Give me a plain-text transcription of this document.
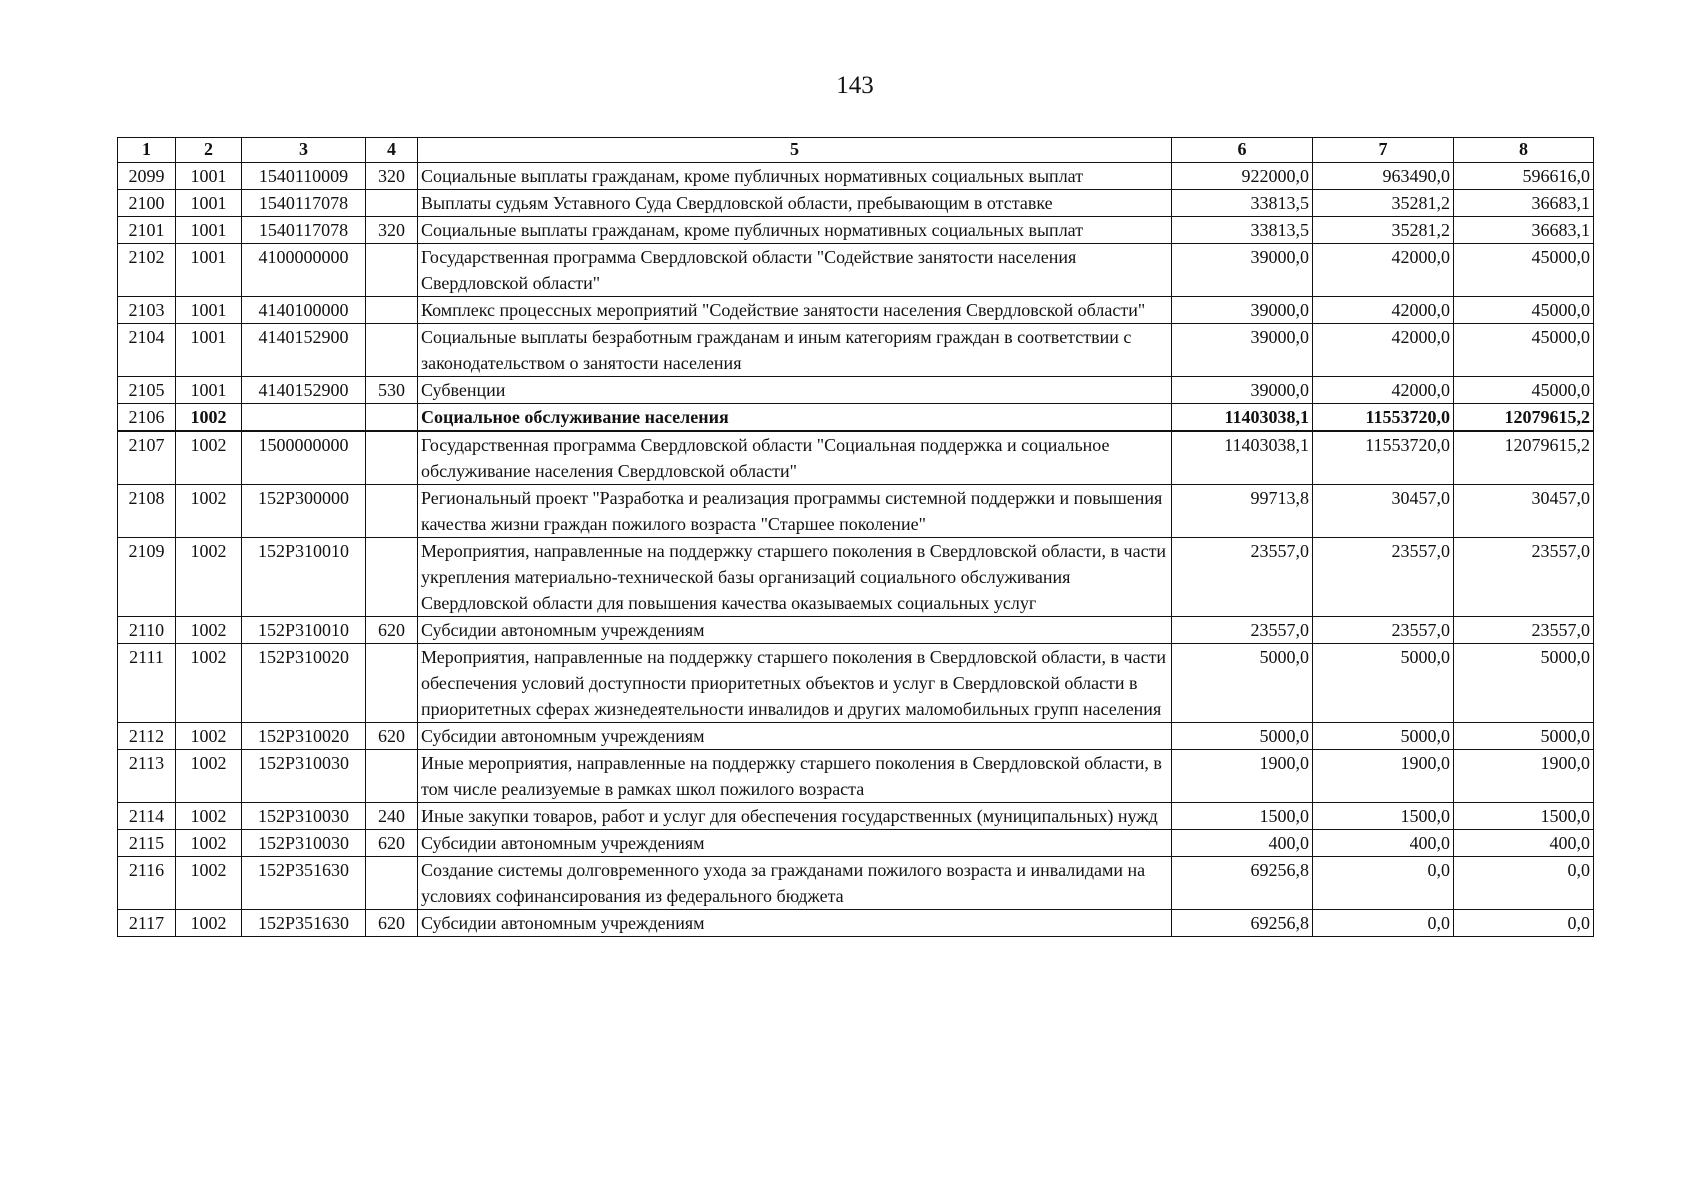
143
1	2	3	4	5	6	7	8
2099	1001	1540110009	320	Социальные выплаты гражданам, кроме публичных нормативных социальных выплат	922000,0	963490,0	596616,0
2100	1001	1540117078		Выплаты судьям Уставного Суда Свердловской области, пребывающим в отставке	33813,5	35281,2	36683,1
2101	1001	1540117078	320	Социальные выплаты гражданам, кроме публичных нормативных социальных выплат	33813,5	35281,2	36683,1
2102	1001	4100000000		Государственная программа Свердловской области "Содействие занятости населения Свердловской области"	39000,0	42000,0	45000,0
2103	1001	4140100000		Комплекс процессных мероприятий "Содействие занятости населения Свердловской области"	39000,0	42000,0	45000,0
2104	1001	4140152900		Социальные выплаты безработным гражданам и иным категориям граждан в соответствии с законодательством о занятости населения	39000,0	42000,0	45000,0
2105	1001	4140152900	530	Субвенции	39000,0	42000,0	45000,0
2106	1002			Социальное обслуживание населения	11403038,1	11553720,0	12079615,2
2107	1002	1500000000		Государственная программа Свердловской области "Социальная поддержка и социальное обслуживание населения Свердловской области"	11403038,1	11553720,0	12079615,2
2108	1002	152P300000		Региональный проект "Разработка и реализация программы системной поддержки и повышения качества жизни граждан пожилого возраста "Старшее поколение"	99713,8	30457,0	30457,0
2109	1002	152P310010		Мероприятия, направленные на поддержку старшего поколения в Свердловской области, в части укрепления материально-технической базы организаций социального обслуживания Свердловской области для повышения качества оказываемых социальных услуг	23557,0	23557,0	23557,0
2110	1002	152P310010	620	Субсидии автономным учреждениям	23557,0	23557,0	23557,0
2111	1002	152P310020		Мероприятия, направленные на поддержку старшего поколения в Свердловской области, в части обеспечения условий доступности приоритетных объектов и услуг в Свердловской области в приоритетных сферах жизнедеятельности инвалидов и других маломобильных групп населения	5000,0	5000,0	5000,0
2112	1002	152P310020	620	Субсидии автономным учреждениям	5000,0	5000,0	5000,0
2113	1002	152P310030		Иные мероприятия, направленные на поддержку старшего поколения в Свердловской области, в том числе реализуемые в рамках школ пожилого возраста	1900,0	1900,0	1900,0
2114	1002	152P310030	240	Иные закупки товаров, работ и услуг для обеспечения государственных (муниципальных) нужд	1500,0	1500,0	1500,0
2115	1002	152P310030	620	Субсидии автономным учреждениям	400,0	400,0	400,0
2116	1002	152P351630		Создание системы долговременного ухода за гражданами пожилого возраста и инвалидами на условиях софинансирования из федерального бюджета	69256,8	0,0	0,0
2117	1002	152P351630	620	Субсидии автономным учреждениям	69256,8	0,0	0,0
